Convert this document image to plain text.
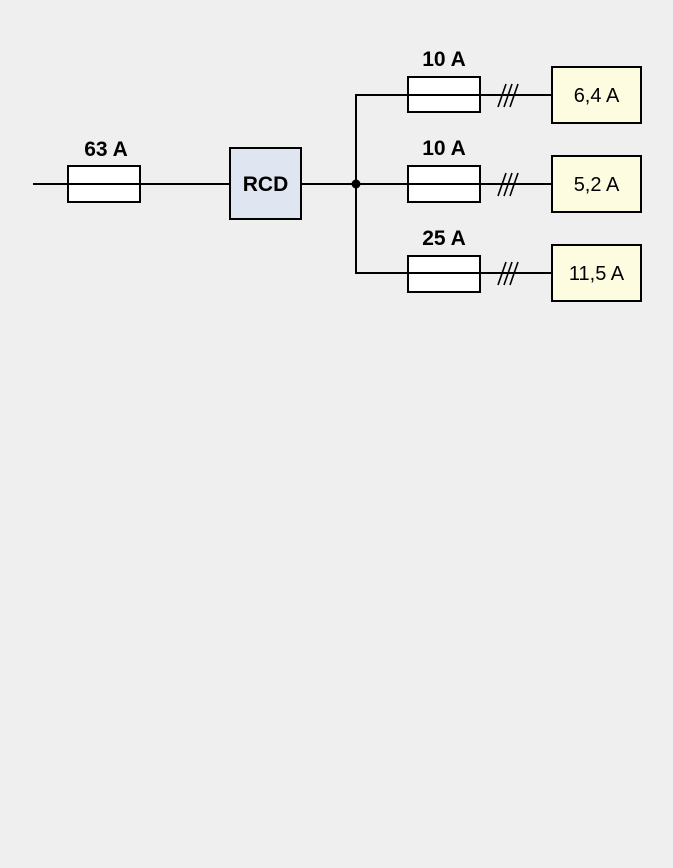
63 A
RCD
10 A
6,4 A
10 A
5,2 A
25 A
11,5 A
